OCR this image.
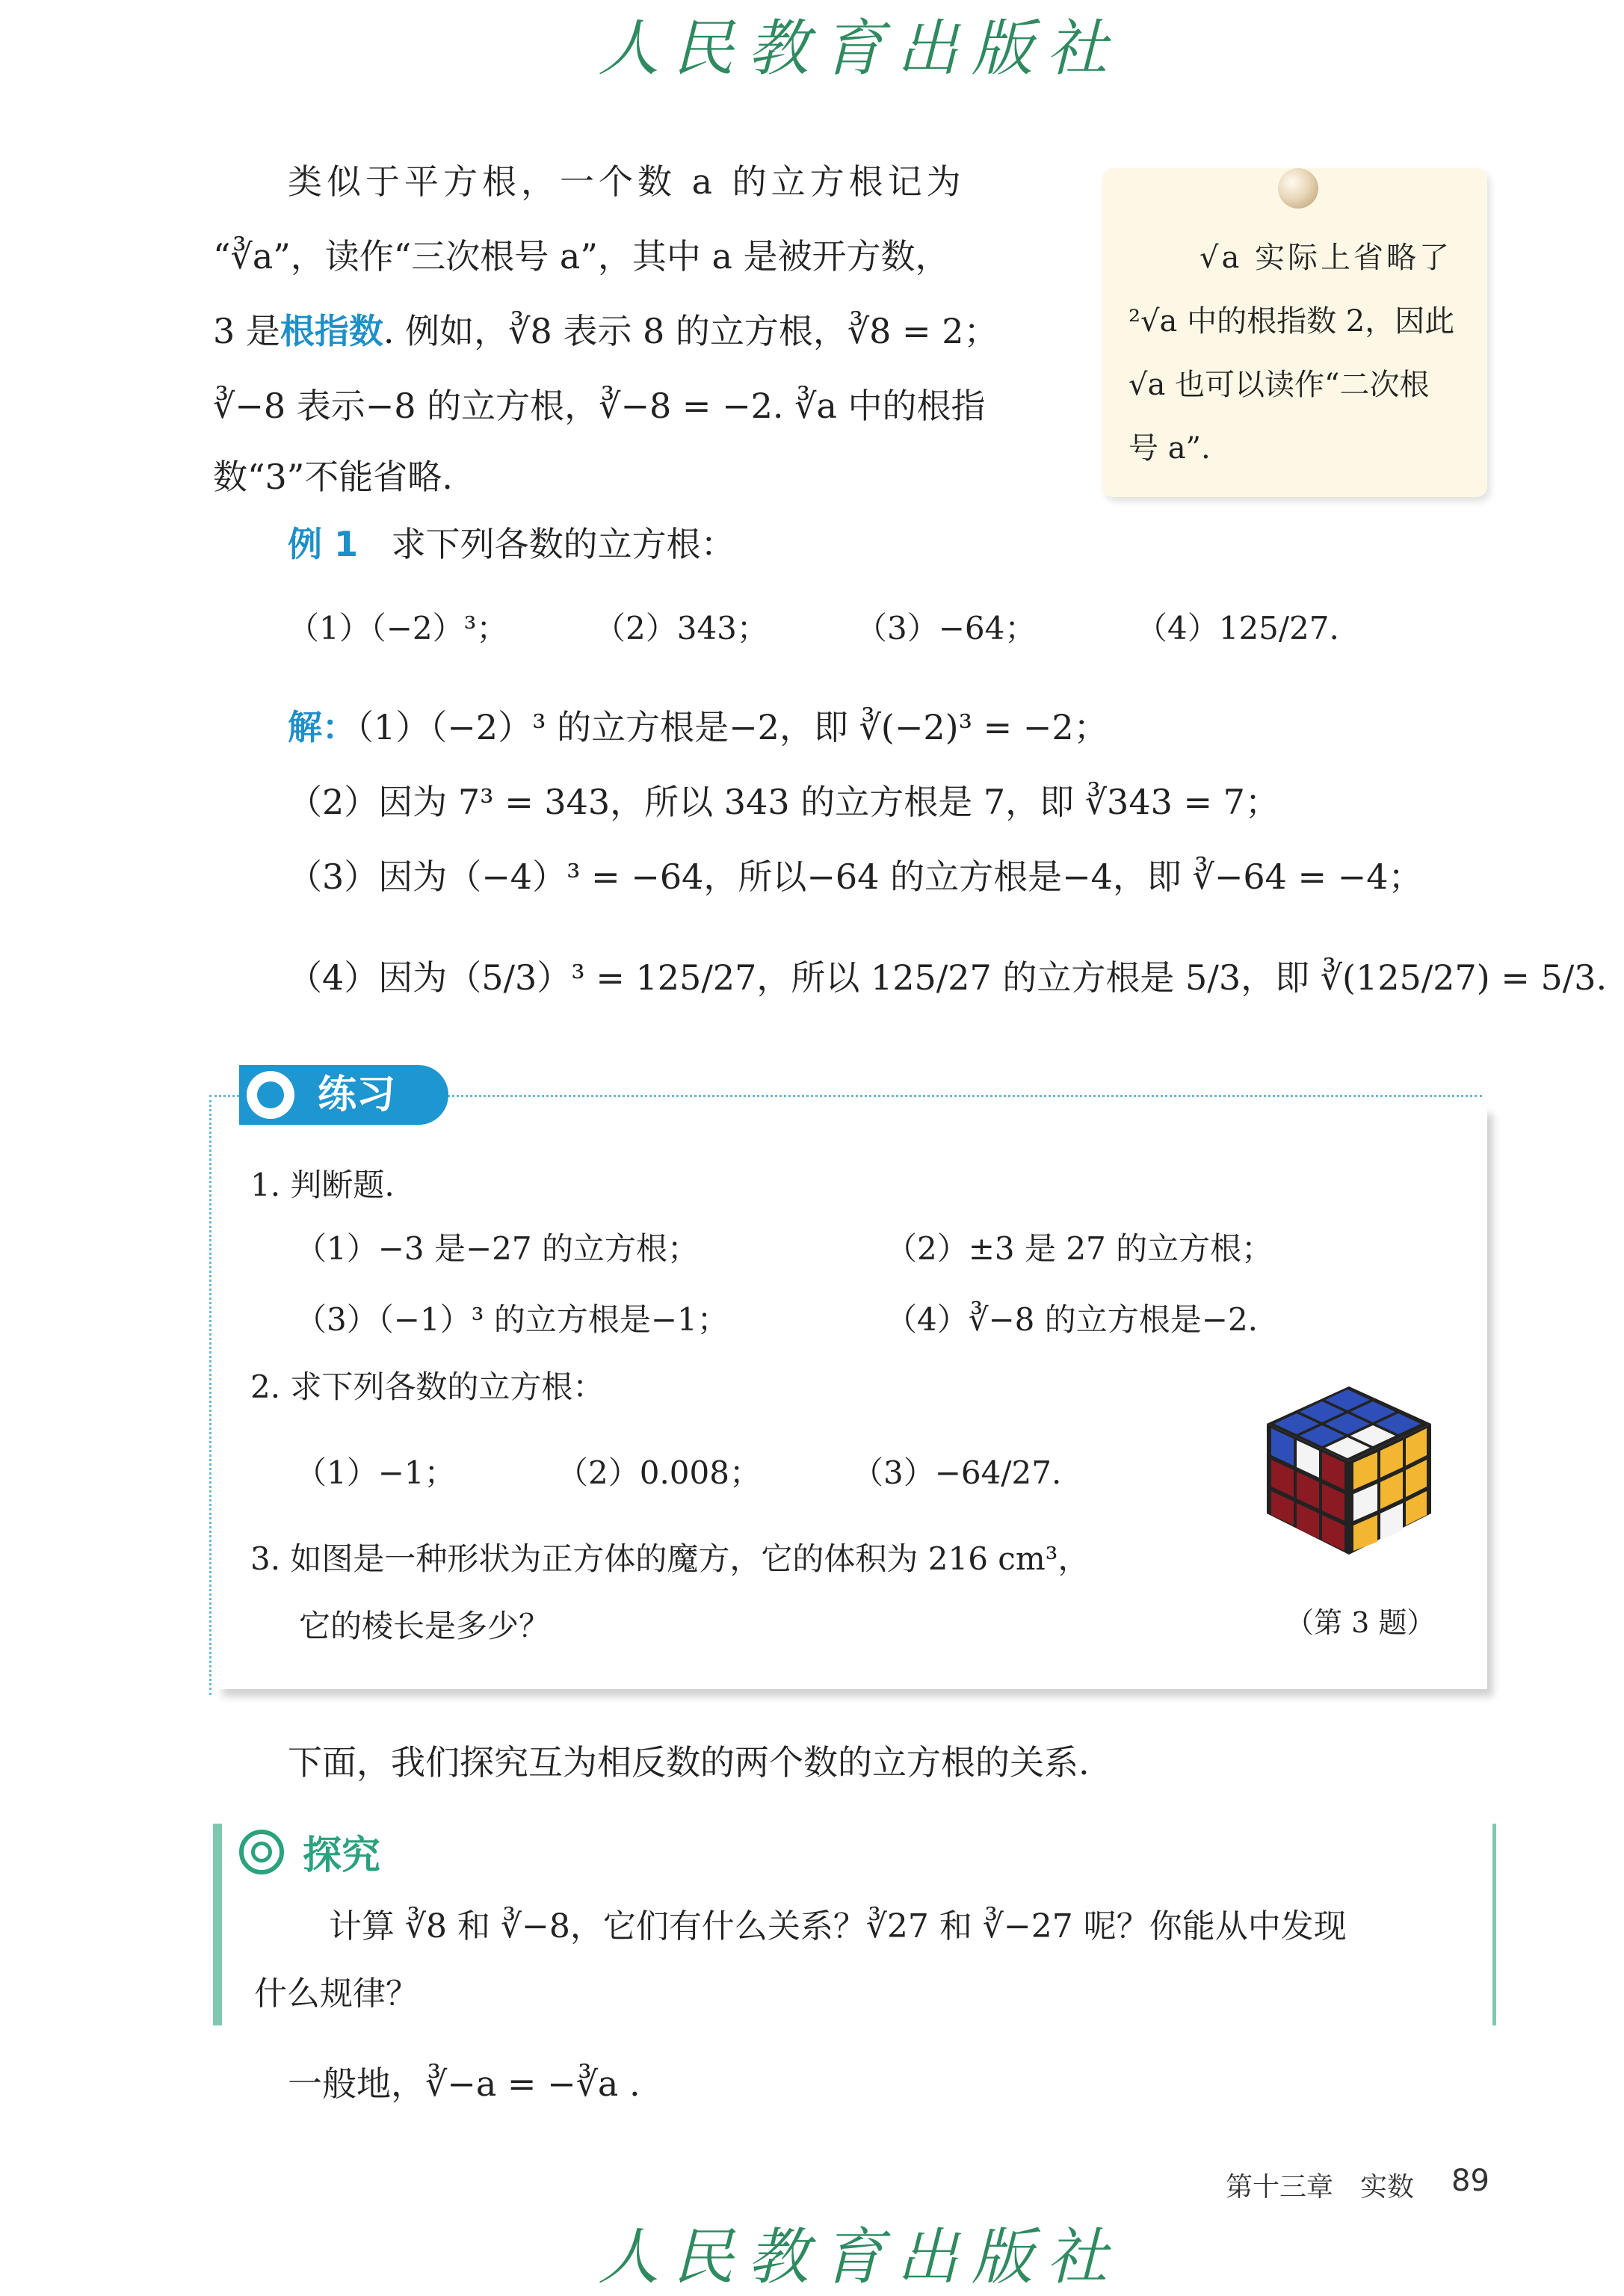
人民教育出版社
人民教育出版社
类似于平方根，一个数 a 的立方根记为
“∛a”，读作“三次根号 a”，其中 a 是被开方数，
3 是根指数. 例如，∛8 表示 8 的立方根，∛8 = 2；
∛−8 表示−8 的立方根，∛−8 = −2. ∛a 中的根指
数“3”不能省略.
√a 实际上省略了
²√a 中的根指数 2，因此
√a 也可以读作“二次根
号 a”.
例 1 求下列各数的立方根：
（1）（−2）³；	（2）343；	（3）−64；	（4）125/27.
解：（1）（−2）³ 的立方根是−2，即 ∛(−2)³ = −2；
（2）因为 7³ = 343，所以 343 的立方根是 7，即 ∛343 = 7；
（3）因为（−4）³ = −64，所以−64 的立方根是−4，即 ∛−64 = −4；
（4）因为（5/3）³ = 125/27，所以 125/27 的立方根是 5/3，即 ∛(125/27) = 5/3.
练习
1. 判断题.
（1）−3 是−27 的立方根；	（2）±3 是 27 的立方根；
（3）（−1）³ 的立方根是−1；	（4）∛−8 的立方根是−2.
2. 求下列各数的立方根：
（1）−1；	（2）0.008；	（3）−64/27.
3. 如图是一种形状为正方体的魔方，它的体积为 216 cm³，
它的棱长是多少？	（第 3 题）
下面，我们探究互为相反数的两个数的立方根的关系.
探究
计算 ∛8 和 ∛−8，它们有什么关系？∛27 和 ∛−27 呢？你能从中发现
什么规律？
一般地，∛−a = −∛a .
第十三章　实数 89
